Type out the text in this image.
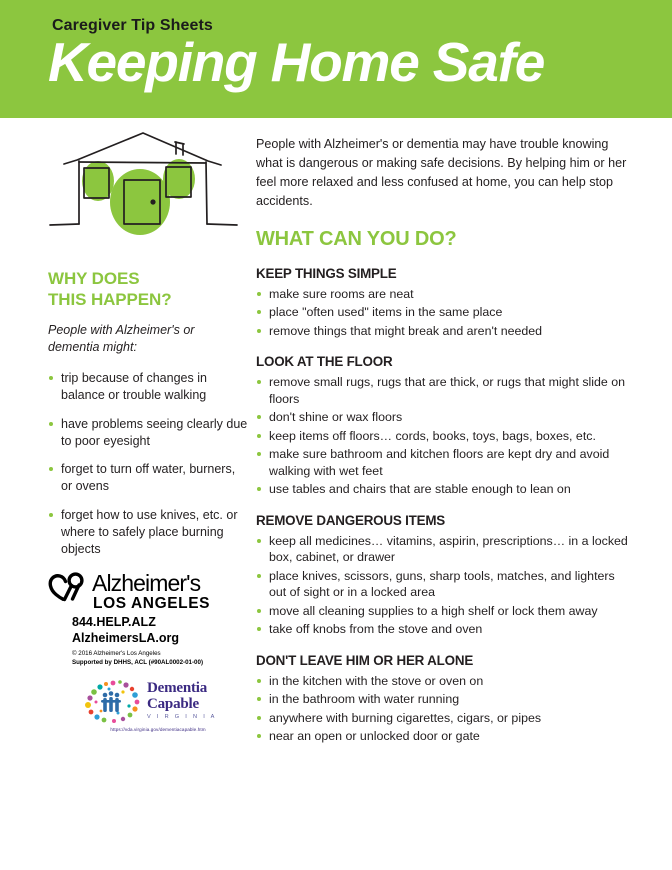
Caregiver Tip Sheets
Keeping Home Safe
WHY DOES
THIS HAPPEN?
People with Alzheimer's or dementia might:
trip because of changes in balance or trouble walking
have problems seeing clearly due to poor eyesight
forget to turn off water, burners, or ovens
forget how to use knives, etc. or where to safely place burning objects
Alzheimer's
LOS ANGELES
844.HELP.ALZ
AlzheimersLA.org
© 2016 Alzheimer's Los Angeles
Supported by DHHS, ACL (#90AL0002-01-00)
Dementia
Capable
V I R G I N I A
https://vda.virginia.gov/dementiacapable.htm

People with Alzheimer's or dementia may have trouble knowing what is dangerous or making safe decisions. By helping him or her feel more relaxed and less confused at home, you can help stop accidents.

WHAT CAN YOU DO?
KEEP THINGS SIMPLE
make sure rooms are neat
place "often used" items in the same place
remove things that might break and aren't needed
LOOK AT THE FLOOR
remove small rugs, rugs that are thick, or rugs that might slide on floors
don't shine or wax floors
keep items off floors… cords, books, toys, bags, boxes, etc.
make sure bathroom and kitchen floors are kept dry and avoid walking with wet feet
use tables and chairs that are stable enough to lean on
REMOVE DANGEROUS ITEMS
keep all medicines… vitamins, aspirin, prescriptions… in a locked box, cabinet, or drawer
place knives, scissors, guns, sharp tools, matches, and lighters out of sight or in a locked area
move all cleaning supplies to a high shelf or lock them away
take off knobs from the stove and oven
DON'T LEAVE HIM OR HER ALONE
in the kitchen with the stove or oven on
in the bathroom with water running
anywhere with burning cigarettes, cigars, or pipes
near an open or unlocked door or gate
